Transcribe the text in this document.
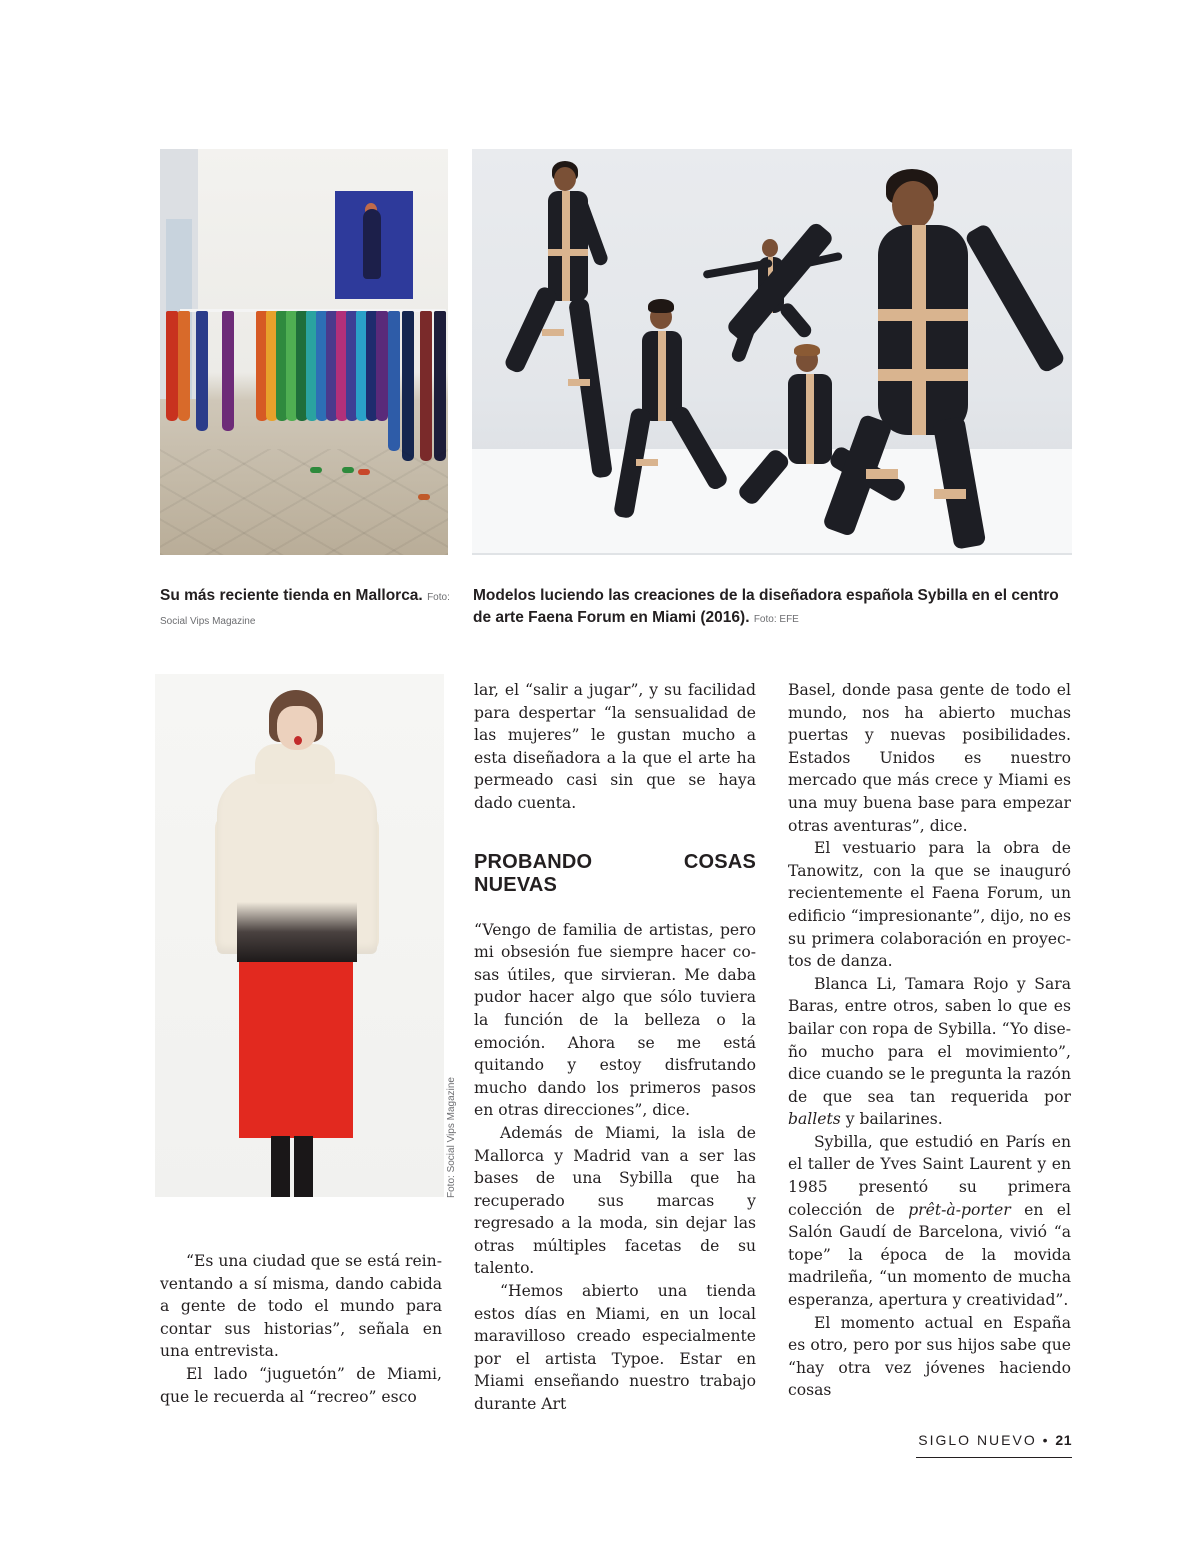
Su más reciente tienda en Mallorca. Foto: Social Vips Magazine
Modelos luciendo las creaciones de la diseñadora española Sybilla en el centro de arte Faena Forum en Miami (2016). Foto: EFE
Foto: Social Vips Magazine

“Es una ciudad que se está reinventando a sí misma, dando cabida a gente de todo el mundo para contar sus historias”, señala en una entrevista.

El lado “juguetón” de Miami, que le recuerda al “recreo” esco

lar, el “salir a jugar”, y su facilidad para despertar “la sensualidad de las mujeres” le gustan mucho a esta diseñadora a la que el arte ha permeado casi sin que se haya dado cuenta.

PROBANDO COSAS NUEVAS

“Vengo de familia de artistas, pero mi obsesión fue siempre hacer cosas útiles, que sirvieran. Me daba pudor hacer algo que sólo tuviera la función de la belleza o la emoción. Ahora se me está quitando y estoy disfrutando mucho dando los primeros pasos en otras direcciones”, dice.

Además de Miami, la isla de Mallorca y Madrid van a ser las bases de una Sybilla que ha recuperado sus marcas y regresado a la moda, sin dejar las otras múltiples facetas de su talento.

“Hemos abierto una tienda estos días en Miami, en un local maravilloso creado especialmente por el artista Typoe. Estar en Miami enseñando nuestro trabajo durante Art

Basel, donde pasa gente de todo el mundo, nos ha abierto muchas puertas y nuevas posibilidades. Estados Unidos es nuestro mercado que más crece y Miami es una muy buena base para empezar otras aventuras”, dice.

El vestuario para la obra de Tanowitz, con la que se inauguró recientemente el Faena Forum, un edificio “impresionante”, dijo, no es su primera colaboración en proyectos de danza.

Blanca Li, Tamara Rojo y Sara Baras, entre otros, saben lo que es bailar con ropa de Sybilla. “Yo diseño mucho para el movimiento”, dice cuando se le pregunta la razón de que sea tan requerida por ballets y bailarines.

Sybilla, que estudió en París en el taller de Yves Saint Laurent y en 1985 presentó su primera colección de prêt-à-porter en el Salón Gaudí de Barcelona, vivió “a tope” la época de la movida madrileña, “un momento de mucha esperanza, apertura y creatividad”.

El momento actual en España es otro, pero por sus hijos sabe que “hay otra vez jóvenes haciendo cosas

SIGLO NUEVO • 21
